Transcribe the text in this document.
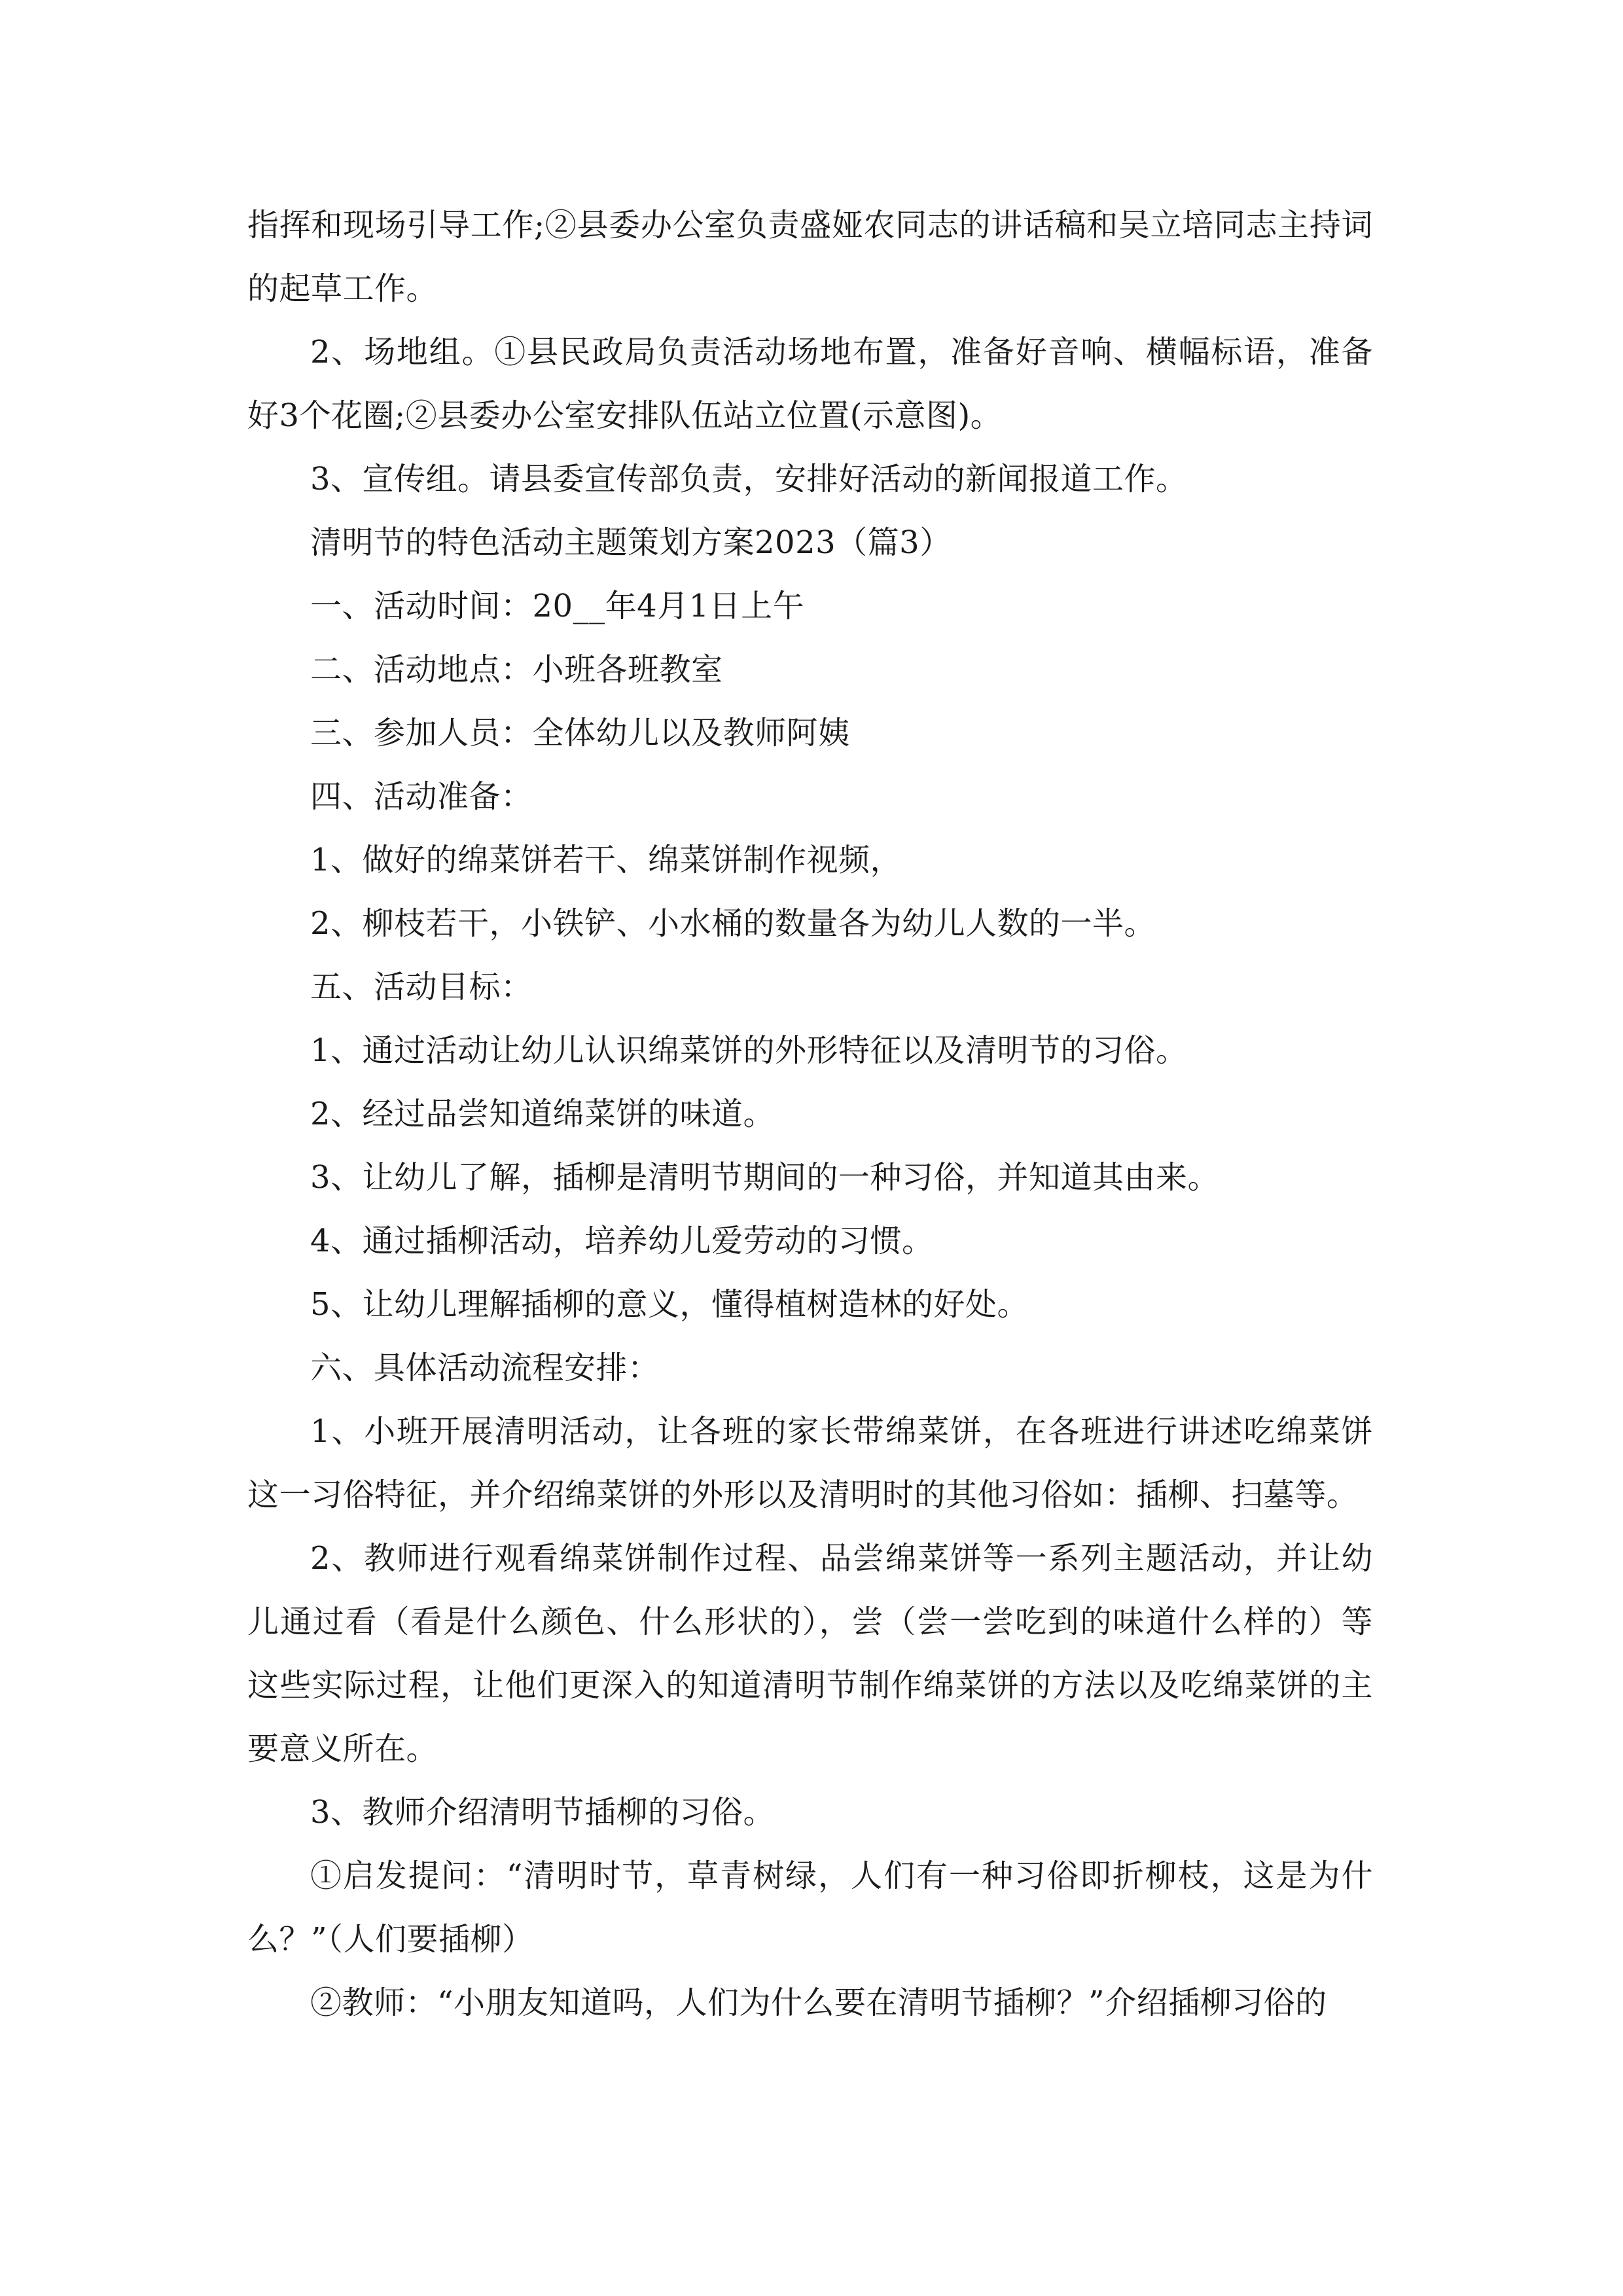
指挥和现场引导工作;②县委办公室负责盛娅农同志的讲话稿和吴立培同志主持词的起草工作。

2、场地组。①县民政局负责活动场地布置，准备好音响、横幅标语，准备好3个花圈;②县委办公室安排队伍站立位置(示意图)。

3、宣传组。请县委宣传部负责，安排好活动的新闻报道工作。

清明节的特色活动主题策划方案2023（篇3）

一、活动时间：20__年4月1日上午

二、活动地点：小班各班教室

三、参加人员：全体幼儿以及教师阿姨

四、活动准备：

1、做好的绵菜饼若干、绵菜饼制作视频，

2、柳枝若干，小铁铲、小水桶的数量各为幼儿人数的一半。

五、活动目标：

1、通过活动让幼儿认识绵菜饼的外形特征以及清明节的习俗。

2、经过品尝知道绵菜饼的味道。

3、让幼儿了解，插柳是清明节期间的一种习俗，并知道其由来。

4、通过插柳活动，培养幼儿爱劳动的习惯。

5、让幼儿理解插柳的意义，懂得植树造林的好处。

六、具体活动流程安排：

1、小班开展清明活动，让各班的家长带绵菜饼，在各班进行讲述吃绵菜饼这一习俗特征，并介绍绵菜饼的外形以及清明时的其他习俗如：插柳、扫墓等。

2、教师进行观看绵菜饼制作过程、品尝绵菜饼等一系列主题活动，并让幼儿通过看（看是什么颜色、什么形状的），尝（尝一尝吃到的味道什么样的）等这些实际过程，让他们更深入的知道清明节制作绵菜饼的方法以及吃绵菜饼的主要意义所在。

3、教师介绍清明节插柳的习俗。

①启发提问：“清明时节，草青树绿，人们有一种习俗即折柳枝，这是为什么？”（人们要插柳）

②教师：“小朋友知道吗，人们为什么要在清明节插柳？”介绍插柳习俗的
